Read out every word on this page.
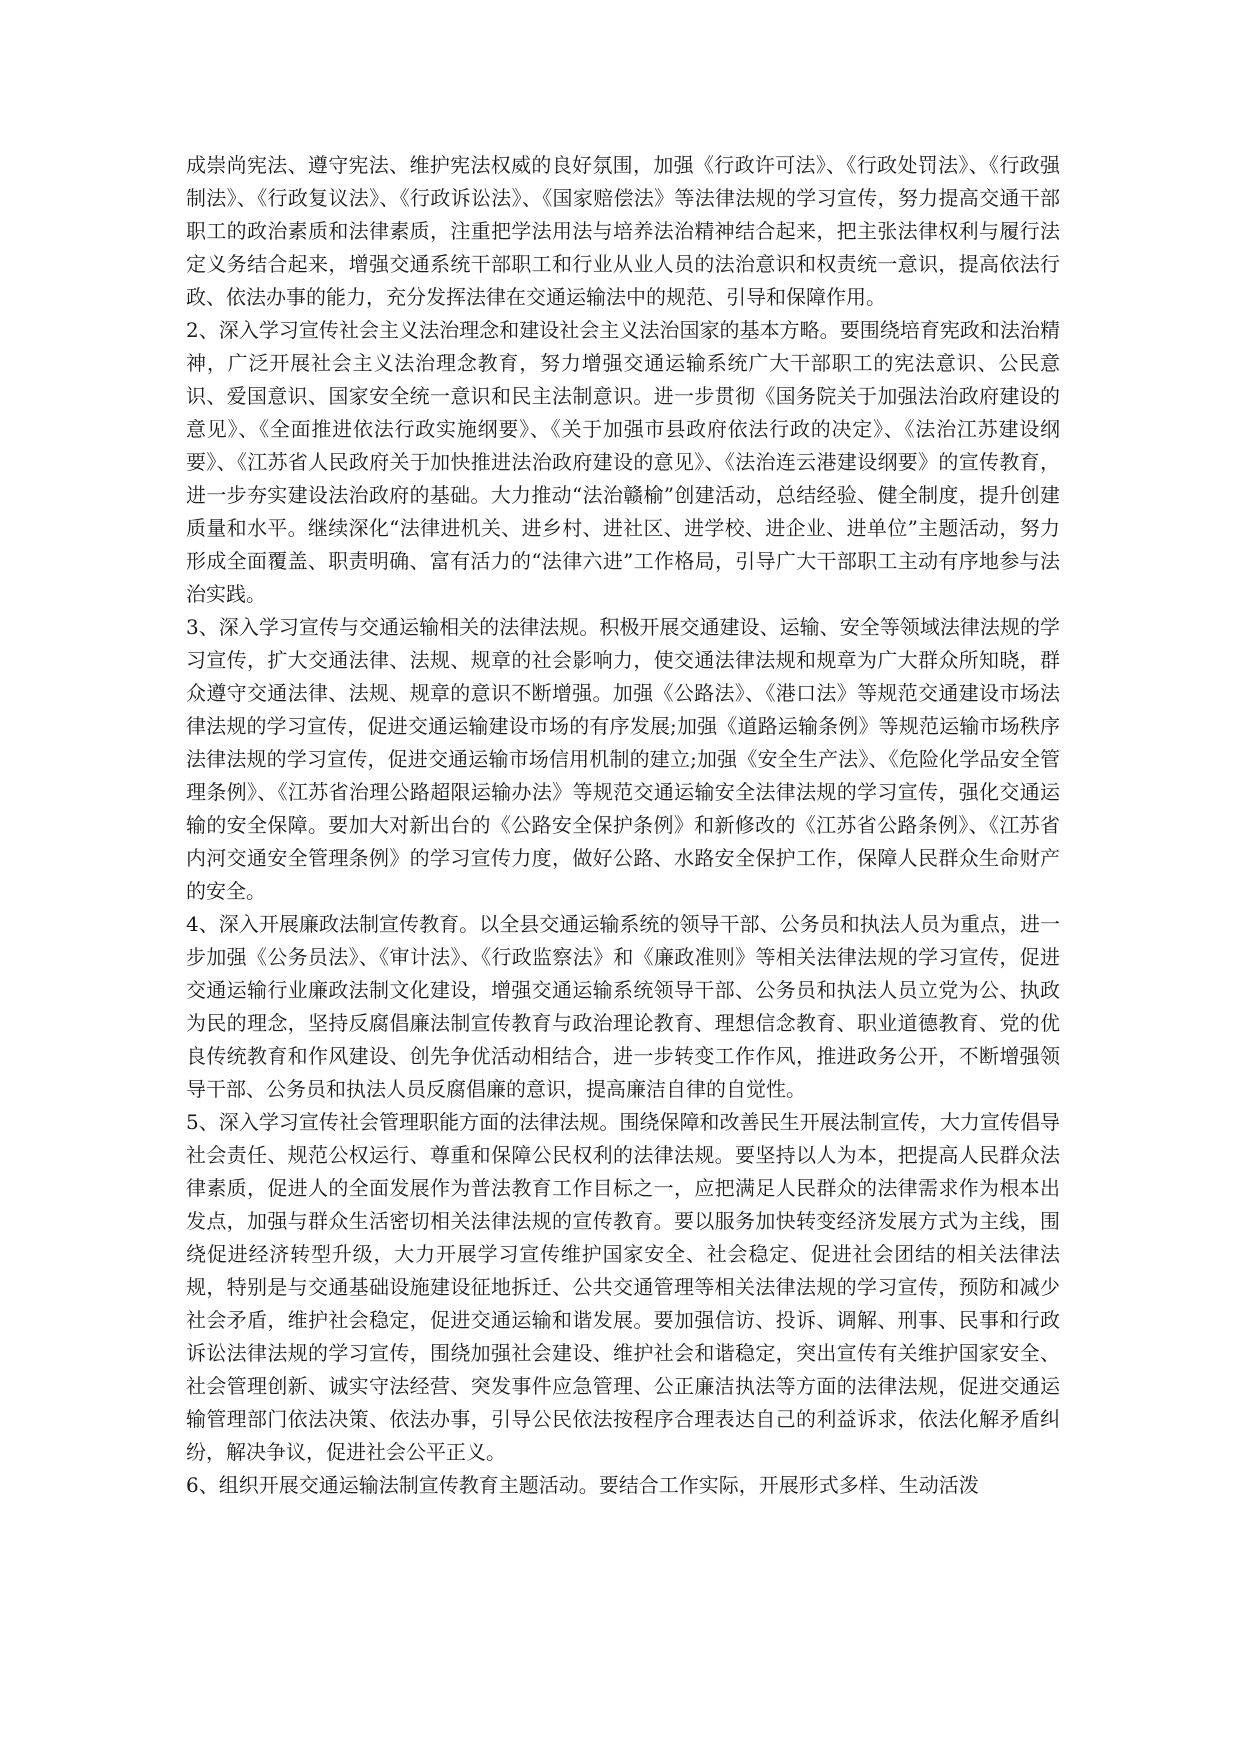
成崇尚宪法、遵守宪法、维护宪法权威的良好氛围，加强《行政许可法》、《行政处罚法》、《行政强制法》、《行政复议法》、《行政诉讼法》、《国家赔偿法》等法律法规的学习宣传，努力提高交通干部职工的政治素质和法律素质，注重把学法用法与培养法治精神结合起来，把主张法律权利与履行法定义务结合起来，增强交通系统干部职工和行业从业人员的法治意识和权责统一意识，提高依法行政、依法办事的能力，充分发挥法律在交通运输法中的规范、引导和保障作用。

2、深入学习宣传社会主义法治理念和建设社会主义法治国家的基本方略。要围绕培育宪政和法治精神，广泛开展社会主义法治理念教育，努力增强交通运输系统广大干部职工的宪法意识、公民意识、爱国意识、国家安全统一意识和民主法制意识。进一步贯彻《国务院关于加强法治政府建设的意见》、《全面推进依法行政实施纲要》、《关于加强市县政府依法行政的决定》、《法治江苏建设纲要》、《江苏省人民政府关于加快推进法治政府建设的意见》、《法治连云港建设纲要》的宣传教育，进一步夯实建设法治政府的基础。大力推动“法治赣榆”创建活动，总结经验、健全制度，提升创建质量和水平。继续深化“法律进机关、进乡村、进社区、进学校、进企业、进单位”主题活动，努力形成全面覆盖、职责明确、富有活力的“法律六进”工作格局，引导广大干部职工主动有序地参与法治实践。

3、深入学习宣传与交通运输相关的法律法规。积极开展交通建设、运输、安全等领域法律法规的学习宣传，扩大交通法律、法规、规章的社会影响力，使交通法律法规和规章为广大群众所知晓，群众遵守交通法律、法规、规章的意识不断增强。加强《公路法》、《港口法》等规范交通建设市场法律法规的学习宣传，促进交通运输建设市场的有序发展;加强《道路运输条例》等规范运输市场秩序法律法规的学习宣传，促进交通运输市场信用机制的建立;加强《安全生产法》、《危险化学品安全管理条例》、《江苏省治理公路超限运输办法》等规范交通运输安全法律法规的学习宣传，强化交通运输的安全保障。要加大对新出台的《公路安全保护条例》和新修改的《江苏省公路条例》、《江苏省内河交通安全管理条例》的学习宣传力度，做好公路、水路安全保护工作，保障人民群众生命财产的安全。

4、深入开展廉政法制宣传教育。以全县交通运输系统的领导干部、公务员和执法人员为重点，进一步加强《公务员法》、《审计法》、《行政监察法》和《廉政准则》等相关法律法规的学习宣传，促进交通运输行业廉政法制文化建设，增强交通运输系统领导干部、公务员和执法人员立党为公、执政为民的理念，坚持反腐倡廉法制宣传教育与政治理论教育、理想信念教育、职业道德教育、党的优良传统教育和作风建设、创先争优活动相结合，进一步转变工作作风，推进政务公开，不断增强领导干部、公务员和执法人员反腐倡廉的意识，提高廉洁自律的自觉性。

5、深入学习宣传社会管理职能方面的法律法规。围绕保障和改善民生开展法制宣传，大力宣传倡导社会责任、规范公权运行、尊重和保障公民权利的法律法规。要坚持以人为本，把提高人民群众法律素质，促进人的全面发展作为普法教育工作目标之一，应把满足人民群众的法律需求作为根本出发点，加强与群众生活密切相关法律法规的宣传教育。要以服务加快转变经济发展方式为主线，围绕促进经济转型升级，大力开展学习宣传维护国家安全、社会稳定、促进社会团结的相关法律法规，特别是与交通基础设施建设征地拆迁、公共交通管理等相关法律法规的学习宣传，预防和减少社会矛盾，维护社会稳定，促进交通运输和谐发展。要加强信访、投诉、调解、刑事、民事和行政诉讼法律法规的学习宣传，围绕加强社会建设、维护社会和谐稳定，突出宣传有关维护国家安全、社会管理创新、诚实守法经营、突发事件应急管理、公正廉洁执法等方面的法律法规，促进交通运输管理部门依法决策、依法办事，引导公民依法按程序合理表达自己的利益诉求，依法化解矛盾纠纷，解决争议，促进社会公平正义。

6、组织开展交通运输法制宣传教育主题活动。要结合工作实际，开展形式多样、生动活泼
